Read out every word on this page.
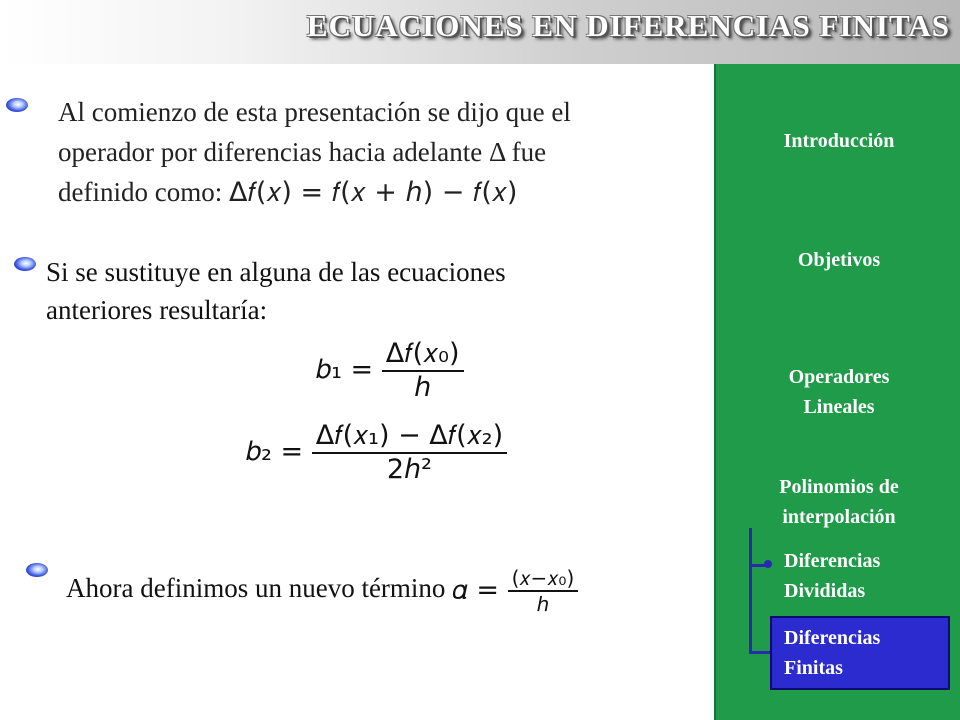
ECUACIONES EN DIFERENCIAS FINITAS
Al comienzo de esta presentación se dijo que el
operador por diferencias hacia adelante Δ fue
definido como: Δ𝑓(𝑥) = 𝑓(𝑥 + ℎ) − 𝑓(𝑥)
Si se sustituye en alguna de las ecuaciones
anteriores resultaría:
𝑏₁ = $\frac{\text{Δ𝑓(𝑥₀)}}{\text{ℎ}}$
𝑏₂ = $\frac{\text{Δ𝑓(𝑥₁) − Δ𝑓(𝑥₂)}}{\text{2ℎ²}}$
Ahora definimos un nuevo término 𝛼 = $\frac{\text{(𝑥−𝑥₀)}}{\text{ℎ}}$
Introducción
Objetivos
Operadores
Lineales
Polinomios de
interpolación
Diferencias
Divididas
Diferencias
Finitas
